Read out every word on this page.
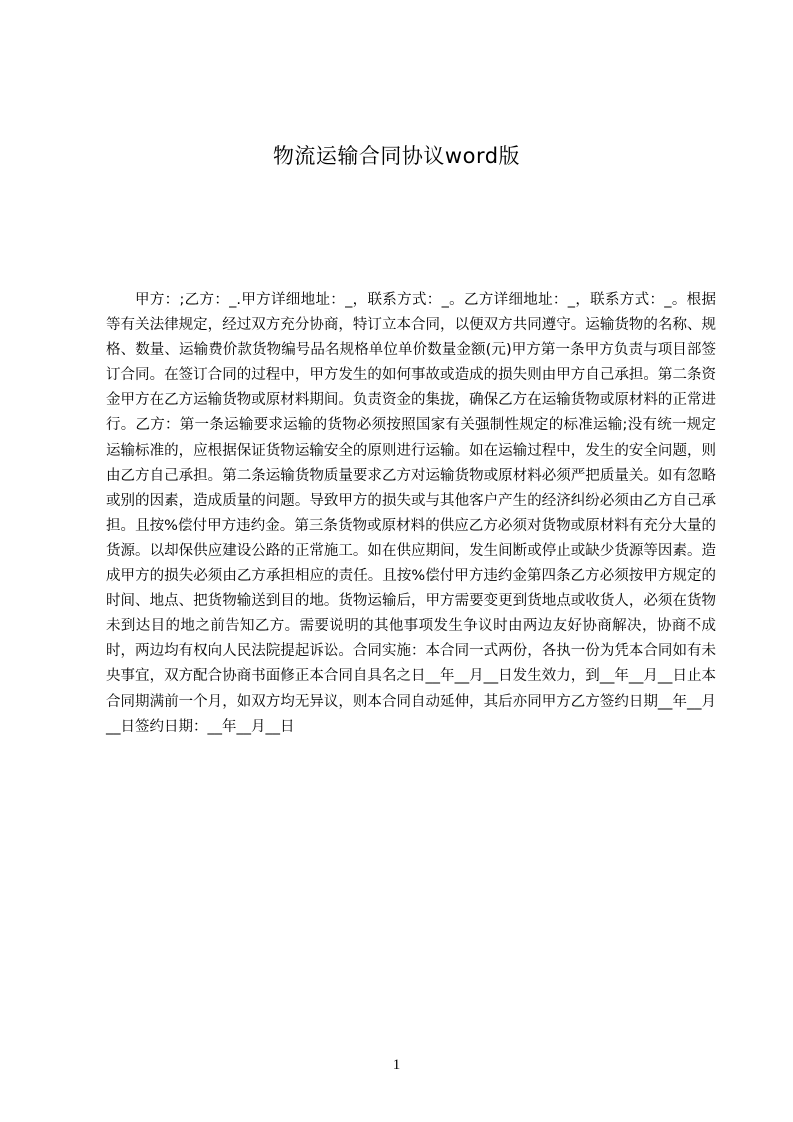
物流运输合同协议word版

甲方：;乙方：_.甲方详细地址：_，联系方式：_。乙方详细地址：_，联系方式：_。根据等有关法律规定，经过双方充分协商，特订立本合同，以便双方共同遵守。运输货物的名称、规格、数量、运输费价款货物编号品名规格单位单价数量金额(元)甲方第一条甲方负责与项目部签订合同。在签订合同的过程中，甲方发生的如何事故或造成的损失则由甲方自己承担。第二条资金甲方在乙方运输货物或原材料期间。负责资金的集拢，确保乙方在运输货物或原材料的正常进行。乙方：第一条运输要求运输的货物必须按照国家有关强制性规定的标准运输;没有统一规定运输标准的，应根据保证货物运输安全的原则进行运输。如在运输过程中，发生的安全问题，则由乙方自己承担。第二条运输货物质量要求乙方对运输货物或原材料必须严把质量关。如有忽略或别的因素，造成质量的问题。导致甲方的损失或与其他客户产生的经济纠纷必须由乙方自己承担。且按%偿付甲方违约金。第三条货物或原材料的供应乙方必须对货物或原材料有充分大量的货源。以却保供应建设公路的正常施工。如在供应期间，发生间断或停止或缺少货源等因素。造成甲方的损失必须由乙方承担相应的责任。且按%偿付甲方违约金第四条乙方必须按甲方规定的时间、地点、把货物输送到目的地。货物运输后，甲方需要变更到货地点或收货人，必须在货物未到达目的地之前告知乙方。需要说明的其他事项发生争议时由两边友好协商解决，协商不成时，两边均有权向人民法院提起诉讼。合同实施：本合同一式两份，各执一份为凭本合同如有未央事宜，双方配合协商书面修正本合同自具名之日__年__月__日发生效力，到__年__月__日止本合同期满前一个月，如双方均无异议，则本合同自动延伸，其后亦同甲方乙方签约日期__年__月__日签约日期：__年__月__日

1
